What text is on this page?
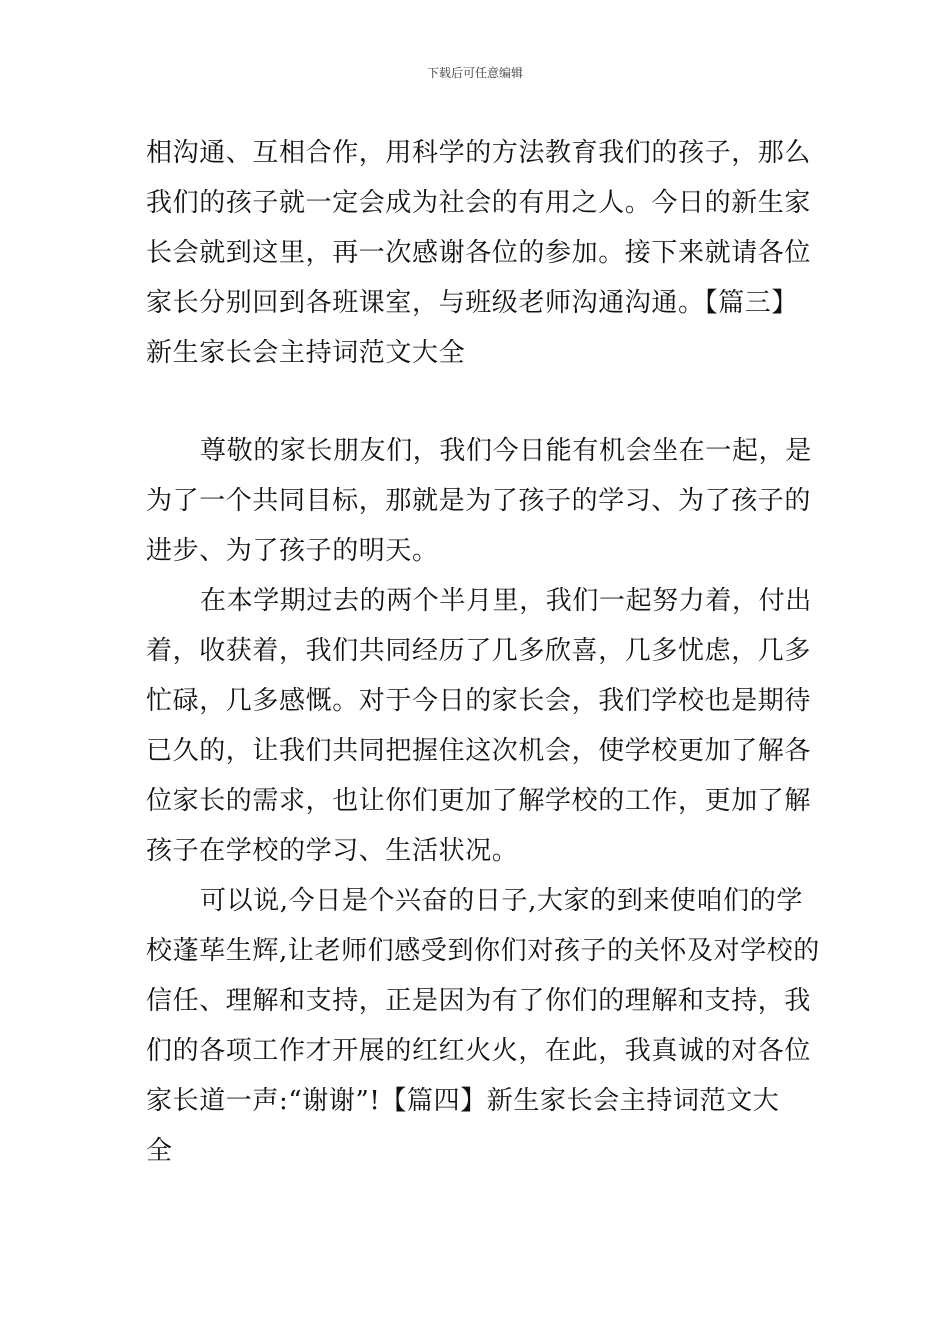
下载后可任意编辑
相沟通、互相合作，用科学的方法教育我们的孩子，那么
我们的孩子就一定会成为社会的有用之人。今日的新生家
长会就到这里，再一次感谢各位的参加。接下来就请各位
家长分别回到各班课室，与班级老师沟通沟通。【篇三】
新生家长会主持词范文大全
尊敬的家长朋友们，我们今日能有机会坐在一起，是
为了一个共同目标，那就是为了孩子的学习、为了孩子的
进步、为了孩子的明天。
在本学期过去的两个半月里，我们一起努力着，付出
着，收获着，我们共同经历了几多欣喜，几多忧虑，几多
忙碌，几多感慨。对于今日的家长会，我们学校也是期待
已久的，让我们共同把握住这次机会，使学校更加了解各
位家长的需求，也让你们更加了解学校的工作，更加了解
孩子在学校的学习、生活状况。
可以说,今日是个兴奋的日子,大家的到来使咱们的学
校蓬荜生辉,让老师们感受到你们对孩子的关怀及对学校的
信任、理解和支持，正是因为有了你们的理解和支持，我
们的各项工作才开展的红红火火，在此，我真诚的对各位
家长道一声:“谢谢”!【篇四】新生家长会主持词范文大
全
